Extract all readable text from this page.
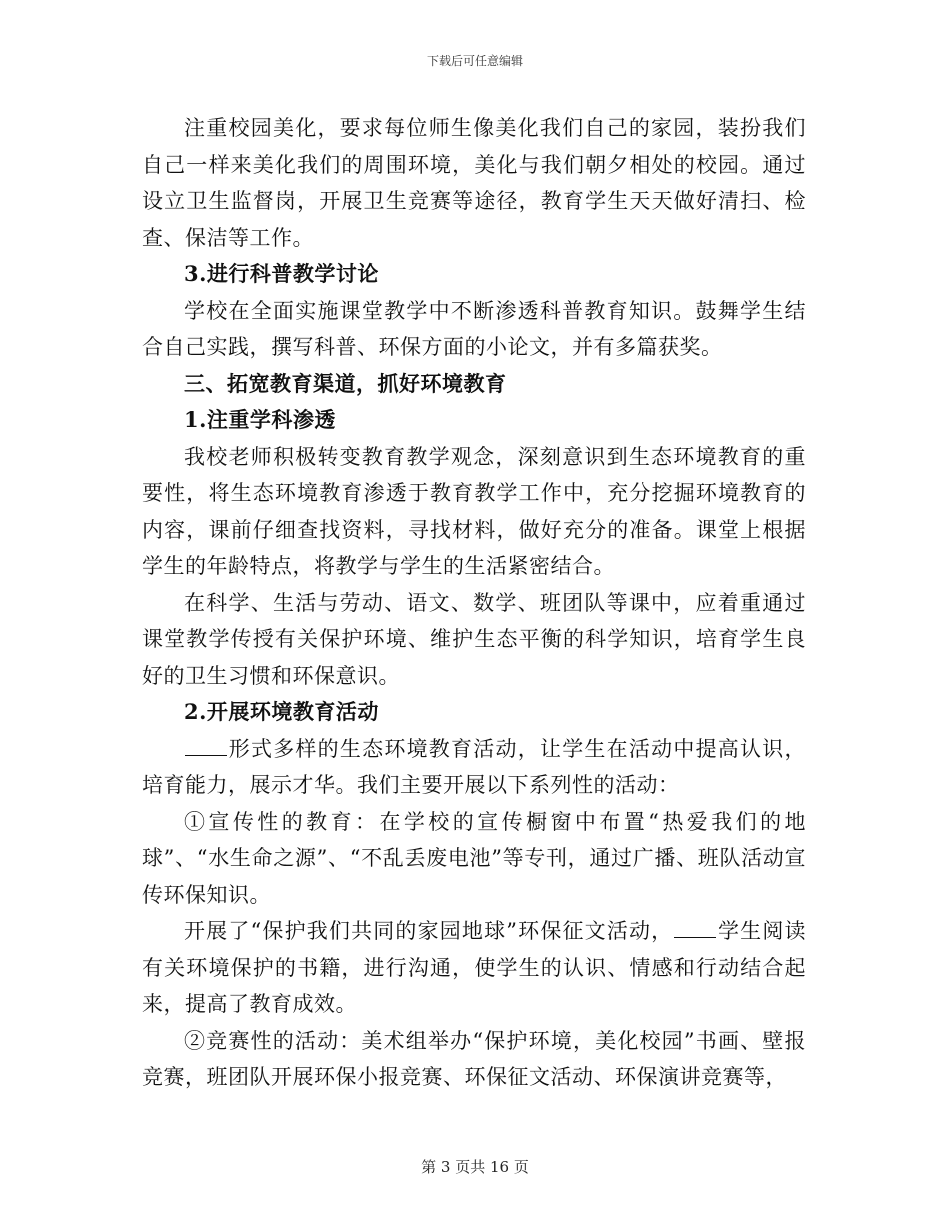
下载后可任意编辑

注重校园美化，要求每位师生像美化我们自己的家园，装扮我们自己一样来美化我们的周围环境，美化与我们朝夕相处的校园。通过设立卫生监督岗，开展卫生竞赛等途径，教育学生天天做好清扫、检查、保洁等工作。

3.进行科普教学讨论

学校在全面实施课堂教学中不断渗透科普教育知识。鼓舞学生结合自己实践，撰写科普、环保方面的小论文，并有多篇获奖。

三、拓宽教育渠道，抓好环境教育

1.注重学科渗透

我校老师积极转变教育教学观念，深刻意识到生态环境教育的重要性，将生态环境教育渗透于教育教学工作中，充分挖掘环境教育的内容，课前仔细查找资料，寻找材料，做好充分的准备。课堂上根据学生的年龄特点，将教学与学生的生活紧密结合。

在科学、生活与劳动、语文、数学、班团队等课中，应着重通过课堂教学传授有关保护环境、维护生态平衡的科学知识，培育学生良好的卫生习惯和环保意识。

2.开展环境教育活动

形式多样的生态环境教育活动，让学生在活动中提高认识，培育能力，展示才华。我们主要开展以下系列性的活动：

①宣传性的教育：在学校的宣传橱窗中布置“热爱我们的地球”、“水生命之源”、“不乱丢废电池”等专刊，通过广播、班队活动宣传环保知识。

开展了“保护我们共同的家园地球”环保征文活动， 学生阅读有关环境保护的书籍，进行沟通，使学生的认识、情感和行动结合起来，提高了教育成效。

②竞赛性的活动：美术组举办“保护环境，美化校园”书画、壁报竞赛，班团队开展环保小报竞赛、环保征文活动、环保演讲竞赛等，

第 3 页共 16 页
